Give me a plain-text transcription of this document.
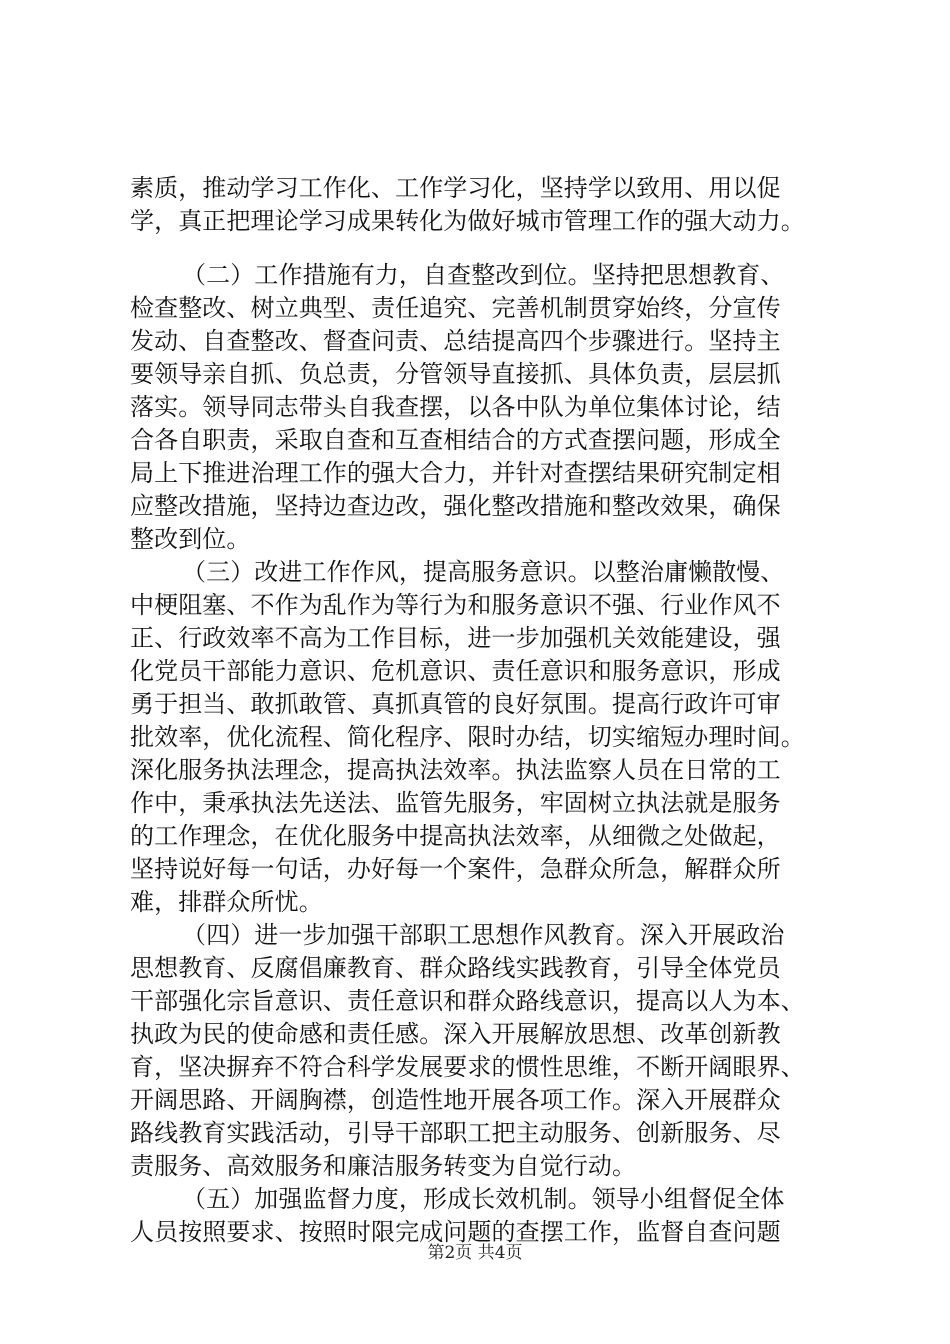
素质，推动学习工作化、工作学习化，坚持学以致用、用以促
学，真正把理论学习成果转化为做好城市管理工作的强大动力。
（二）工作措施有力，自查整改到位。坚持把思想教育、
检查整改、树立典型、责任追究、完善机制贯穿始终，分宣传
发动、自查整改、督查问责、总结提高四个步骤进行。坚持主
要领导亲自抓、负总责，分管领导直接抓、具体负责，层层抓
落实。领导同志带头自我查摆，以各中队为单位集体讨论，结
合各自职责，采取自查和互查相结合的方式查摆问题，形成全
局上下推进治理工作的强大合力，并针对查摆结果研究制定相
应整改措施，坚持边查边改，强化整改措施和整改效果，确保
整改到位。
（三）改进工作作风，提高服务意识。以整治庸懒散慢、
中梗阻塞、不作为乱作为等行为和服务意识不强、行业作风不
正、行政效率不高为工作目标，进一步加强机关效能建设，强
化党员干部能力意识、危机意识、责任意识和服务意识，形成
勇于担当、敢抓敢管、真抓真管的良好氛围。提高行政许可审
批效率，优化流程、简化程序、限时办结，切实缩短办理时间。
深化服务执法理念，提高执法效率。执法监察人员在日常的工
作中，秉承执法先送法、监管先服务，牢固树立执法就是服务
的工作理念，在优化服务中提高执法效率，从细微之处做起，
坚持说好每一句话，办好每一个案件，急群众所急，解群众所
难，排群众所忧。
（四）进一步加强干部职工思想作风教育。深入开展政治
思想教育、反腐倡廉教育、群众路线实践教育，引导全体党员
干部强化宗旨意识、责任意识和群众路线意识，提高以人为本、
执政为民的使命感和责任感。深入开展解放思想、改革创新教
育，坚决摒弃不符合科学发展要求的惯性思维，不断开阔眼界、
开阔思路、开阔胸襟，创造性地开展各项工作。深入开展群众
路线教育实践活动，引导干部职工把主动服务、创新服务、尽
责服务、高效服务和廉洁服务转变为自觉行动。
（五）加强监督力度，形成长效机制。领导小组督促全体
人员按照要求、按照时限完成问题的查摆工作，监督自查问题
第2页 共4页
